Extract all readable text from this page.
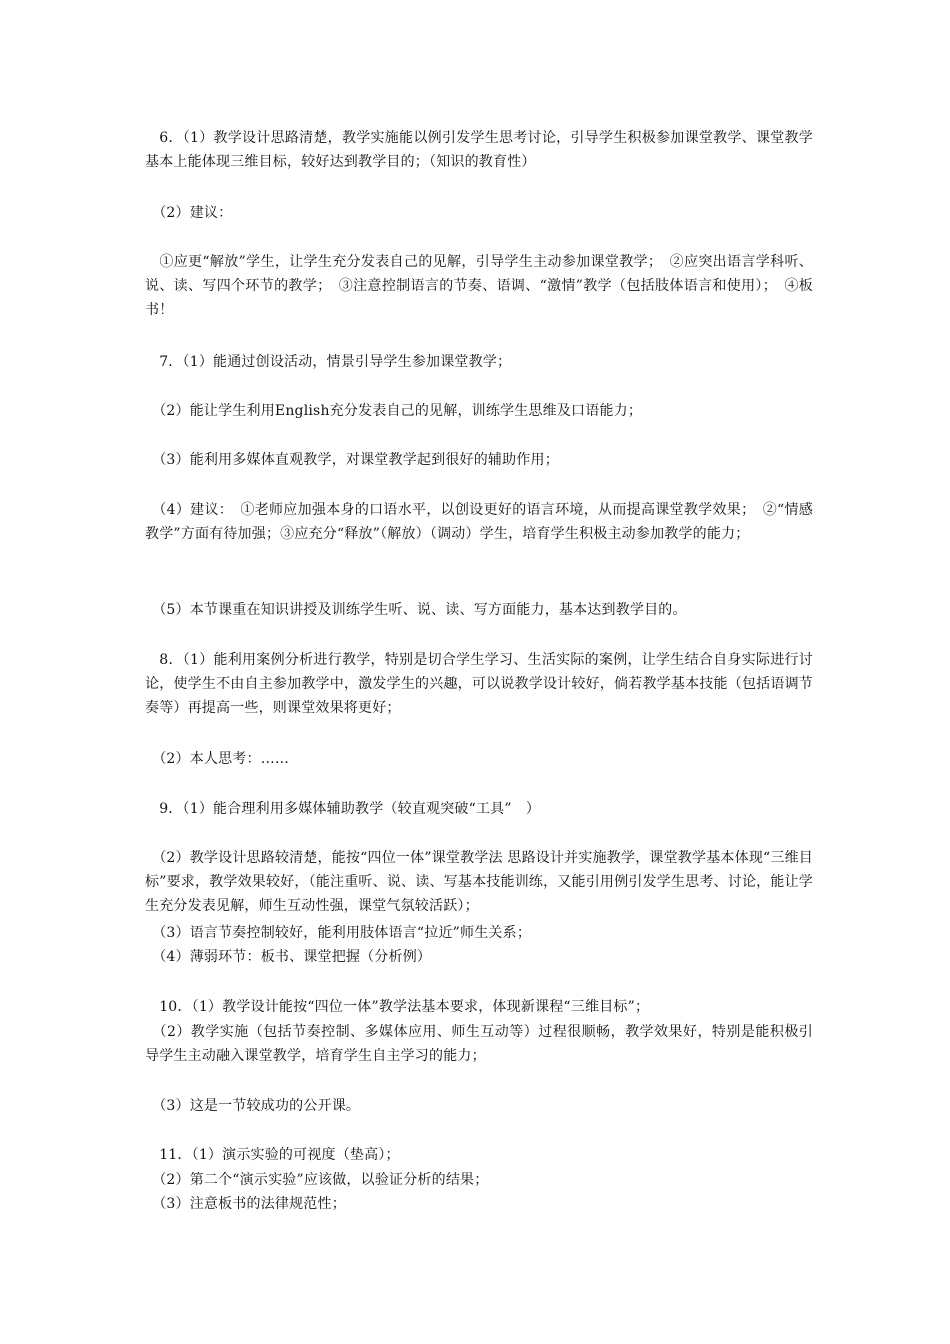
　6．（1）教学设计思路清楚，教学实施能以例引发学生思考讨论，引导学生积极参加课堂教学、课堂教学基本上能体现三维目标，较好达到教学目的；（知识的教育性）

　（2）建议：

　①应更“解放”学生，让学生充分发表自己的见解，引导学生主动参加课堂教学；　②应突出语言学科听、说、读、写四个环节的教学；　③注意控制语言的节奏、语调、“激情”教学（包括肢体语言和使用）；　④板书！

　7．（1）能通过创设活动，情景引导学生参加课堂教学；

　（2）能让学生利用English充分发表自己的见解，训练学生思维及口语能力；

　（3）能利用多媒体直观教学，对课堂教学起到很好的辅助作用；

　（4）建议：　①老师应加强本身的口语水平，以创设更好的语言环境，从而提高课堂教学效果；　②“情感教学”方面有待加强；③应充分“释放”（解放）（调动）学生，培育学生积极主动参加教学的能力；

　（5）本节课重在知识讲授及训练学生听、说、读、写方面能力，基本达到教学目的。

　8．（1）能利用案例分析进行教学，特别是切合学生学习、生活实际的案例，让学生结合自身实际进行讨论，使学生不由自主参加教学中，激发学生的兴趣，可以说教学设计较好，倘若教学基本技能（包括语调节奏等）再提高一些，则课堂效果将更好；

　（2）本人思考：……

　9．（1）能合理利用多媒体辅助教学（较直观突破“工具”　）

　（2）教学设计思路较清楚，能按“四位一体”课堂教学法 思路设计并实施教学，课堂教学基本体现“三维目标”要求，教学效果较好，（能注重听、说、读、写基本技能训练，又能引用例引发学生思考、讨论，能让学生充分发表见解，师生互动性强，课堂气氛较活跃）；

　（3）语言节奏控制较好，能利用肢体语言“拉近”师生关系；

　（4）薄弱环节：板书、课堂把握（分析例）

　10．（1）教学设计能按“四位一体”教学法基本要求，体现新课程“三维目标”；

　（2）教学实施（包括节奏控制、多媒体应用、师生互动等）过程很顺畅，教学效果好，特别是能积极引导学生主动融入课堂教学，培育学生自主学习的能力；

　（3）这是一节较成功的公开课。

　11．（1）演示实验的可视度（垫高）；

　（2）第二个“演示实验”应该做，以验证分析的结果；

　（3）注意板书的法律规范性；
